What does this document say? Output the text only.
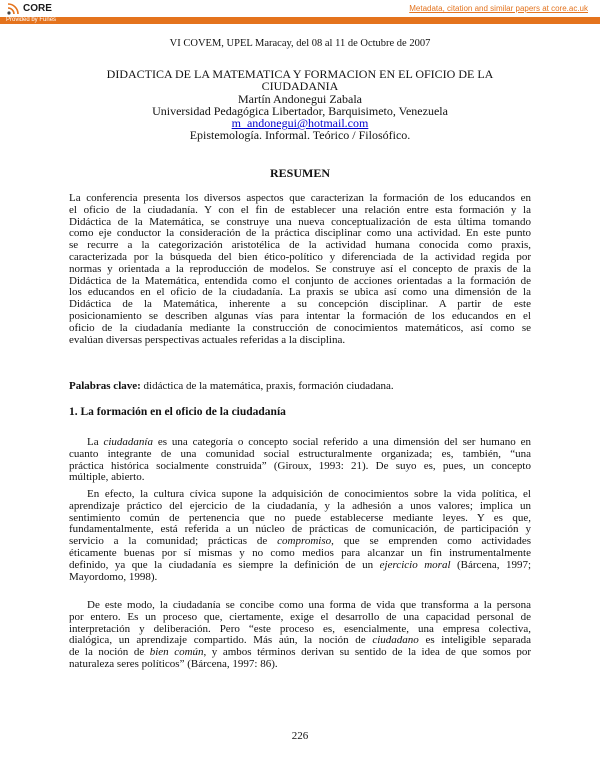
CORE	Metadata, citation and similar papers at core.ac.uk
Provided by Funes
VI COVEM, UPEL Maracay, del 08 al 11 de Octubre de 2007
DIDACTICA DE LA MATEMATICA Y FORMACION EN EL OFICIO DE LA
CIUDADANIA
Martín Andonegui Zabala
Universidad Pedagógica Libertador, Barquisimeto, Venezuela
m_andonegui@hotmail.com
Epistemología. Informal. Teórico / Filosófico.
RESUMEN
La conferencia presenta los diversos aspectos que caracterizan la formación de los educandos en
el oficio de la ciudadanía. Y con el fin de establecer una relación entre esta formación y la
Didáctica de la Matemática, se construye una nueva conceptualización de esta última tomando
como eje conductor la consideración de la práctica disciplinar como una actividad. En este punto
se recurre a la categorización aristotélica de la actividad humana conocida como praxis,
caracterizada por la búsqueda del bien ético-político y diferenciada de la actividad regida por
normas y orientada a la reproducción de modelos. Se construye así el concepto de praxis de la
Didáctica de la Matemática, entendida como el conjunto de acciones orientadas a la formación de
los educandos en el oficio de la ciudadanía. La praxis se ubica así como una dimensión de la
Didáctica de la Matemática, inherente a su concepción disciplinar. A partir de este
posicionamiento se describen algunas vías para intentar la formación de los educandos en el
oficio de la ciudadanía mediante la construcción de conocimientos matemáticos, así como se
evalúan diversas perspectivas actuales referidas a la disciplina.
Palabras clave: didáctica de la matemática, praxis, formación ciudadana.
1. La formación en el oficio de la ciudadanía
La ciudadanía es una categoría o concepto social referido a una dimensión del ser humano en
cuanto integrante de una comunidad social estructuralmente organizada; es, también, “una
práctica histórica socialmente construida” (Giroux, 1993: 21). De suyo es, pues, un concepto
múltiple, abierto.
En efecto, la cultura cívica supone la adquisición de conocimientos sobre la vida política, el
aprendizaje práctico del ejercicio de la ciudadanía, y la adhesión a unos valores; implica un
sentimiento común de pertenencia que no puede establecerse mediante leyes. Y es que,
fundamentalmente, está referida a un núcleo de prácticas de comunicación, de participación y
servicio a la comunidad; prácticas de compromiso, que se emprenden como actividades
éticamente buenas por sí mismas y no como medios para alcanzar un fin instrumentalmente
definido, ya que la ciudadanía es siempre la definición de un ejercicio moral (Bárcena, 1997;
Mayordomo, 1998).
De este modo, la ciudadanía se concibe como una forma de vida que transforma a la persona
por entero. Es un proceso que, ciertamente, exige el desarrollo de una capacidad personal de
interpretación y deliberación. Pero “este proceso es, esencialmente, una empresa colectiva,
dialógica, un aprendizaje compartido. Más aún, la noción de ciudadano es inteligible separada
de la noción de bien común, y ambos términos derivan su sentido de la idea de que somos por
naturaleza seres políticos” (Bárcena, 1997: 86).
226
